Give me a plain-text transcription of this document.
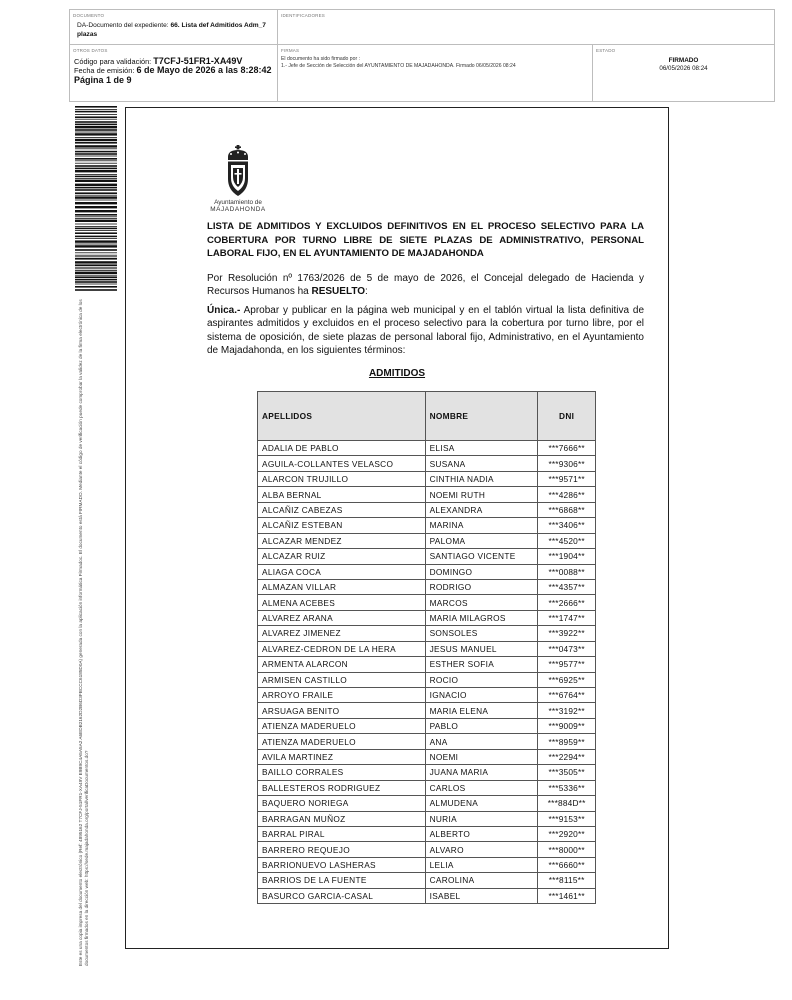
DOCUMENTO
DA-Documento del expediente: 66. Lista def Admitidos Adm_7 plazas
IDENTIFICADORES
OTROS DATOS
Código para validación: T7CFJ-51FR1-XA49V
Fecha de emisión: 6 de Mayo de 2026 a las 8:28:42
Página 1 de 9
FIRMAS
El documento ha sido firmado por :
1.- Jefe de Sección de Selección del AYUNTAMIENTO DE MAJADAHONDA. Firmado 06/05/2026 08:24
ESTADO
FIRMADO
06/05/2026 08:24
Este es una copia impresa del documento electrónico (Ref: 4895162 T7CFJ-51FR1-XA49V E9B9C4A5A5A2 A6EDB2162D2B6D3FBCCC6185D0A) generada con la aplicación informática Firmadoc. El documento está FIRMADO. Mediante el código de verificación puede comprobar la validez de la firma electrónica de los documentos firmados en la dirección web: https://sede.majadahonda.org/portal/verificaDocumentos.do?
Ayuntamiento de
MAJADAHONDA
LISTA DE ADMITIDOS Y EXCLUIDOS DEFINITIVOS EN EL PROCESO SELECTIVO PARA LA COBERTURA POR TURNO LIBRE DE SIETE PLAZAS DE ADMINISTRATIVO, PERSONAL LABORAL FIJO, EN EL AYUNTAMIENTO DE MAJADAHONDA

Por Resolución nº 1763/2026 de 5 de mayo de 2026, el Concejal delegado de Hacienda y Recursos Humanos ha RESUELTO:

Única.- Aprobar y publicar en la página web municipal y en el tablón virtual la lista definitiva de aspirantes admitidos y excluidos en el proceso selectivo para la cobertura por turno libre, por el sistema de oposición, de siete plazas de personal laboral fijo, Administrativo, en el Ayuntamiento de Majadahonda, en los siguientes términos:

ADMITIDOS
APELLIDOS	NOMBRE	DNI
ADALIA DE PABLO	ELISA	***7666**
AGUILA-COLLANTES VELASCO	SUSANA	***9306**
ALARCON TRUJILLO	CINTHIA NADIA	***9571**
ALBA BERNAL	NOEMI RUTH	***4286**
ALCAÑIZ CABEZAS	ALEXANDRA	***6868**
ALCAÑIZ ESTEBAN	MARINA	***3406**
ALCAZAR MENDEZ	PALOMA	***4520**
ALCAZAR RUIZ	SANTIAGO VICENTE	***1904**
ALIAGA COCA	DOMINGO	***0088**
ALMAZAN VILLAR	RODRIGO	***4357**
ALMENA ACEBES	MARCOS	***2666**
ALVAREZ ARANA	MARIA MILAGROS	***1747**
ALVAREZ JIMENEZ	SONSOLES	***3922**
ALVAREZ-CEDRON DE LA HERA	JESUS MANUEL	***0473**
ARMENTA ALARCON	ESTHER SOFIA	***9577**
ARMISEN CASTILLO	ROCIO	***6925**
ARROYO FRAILE	IGNACIO	***6764**
ARSUAGA BENITO	MARIA ELENA	***3192**
ATIENZA MADERUELO	PABLO	***9009**
ATIENZA MADERUELO	ANA	***8959**
AVILA MARTINEZ	NOEMI	***2294**
BAILLO CORRALES	JUANA MARIA	***3505**
BALLESTEROS RODRIGUEZ	CARLOS	***5336**
BAQUERO NORIEGA	ALMUDENA	***884D**
BARRAGAN MUÑOZ	NURIA	***9153**
BARRAL PIRAL	ALBERTO	***2920**
BARRERO REQUEJO	ALVARO	***8000**
BARRIONUEVO LASHERAS	LELIA	***6660**
BARRIOS DE LA FUENTE	CAROLINA	***8115**
BASURCO GARCIA-CASAL	ISABEL	***1461**
